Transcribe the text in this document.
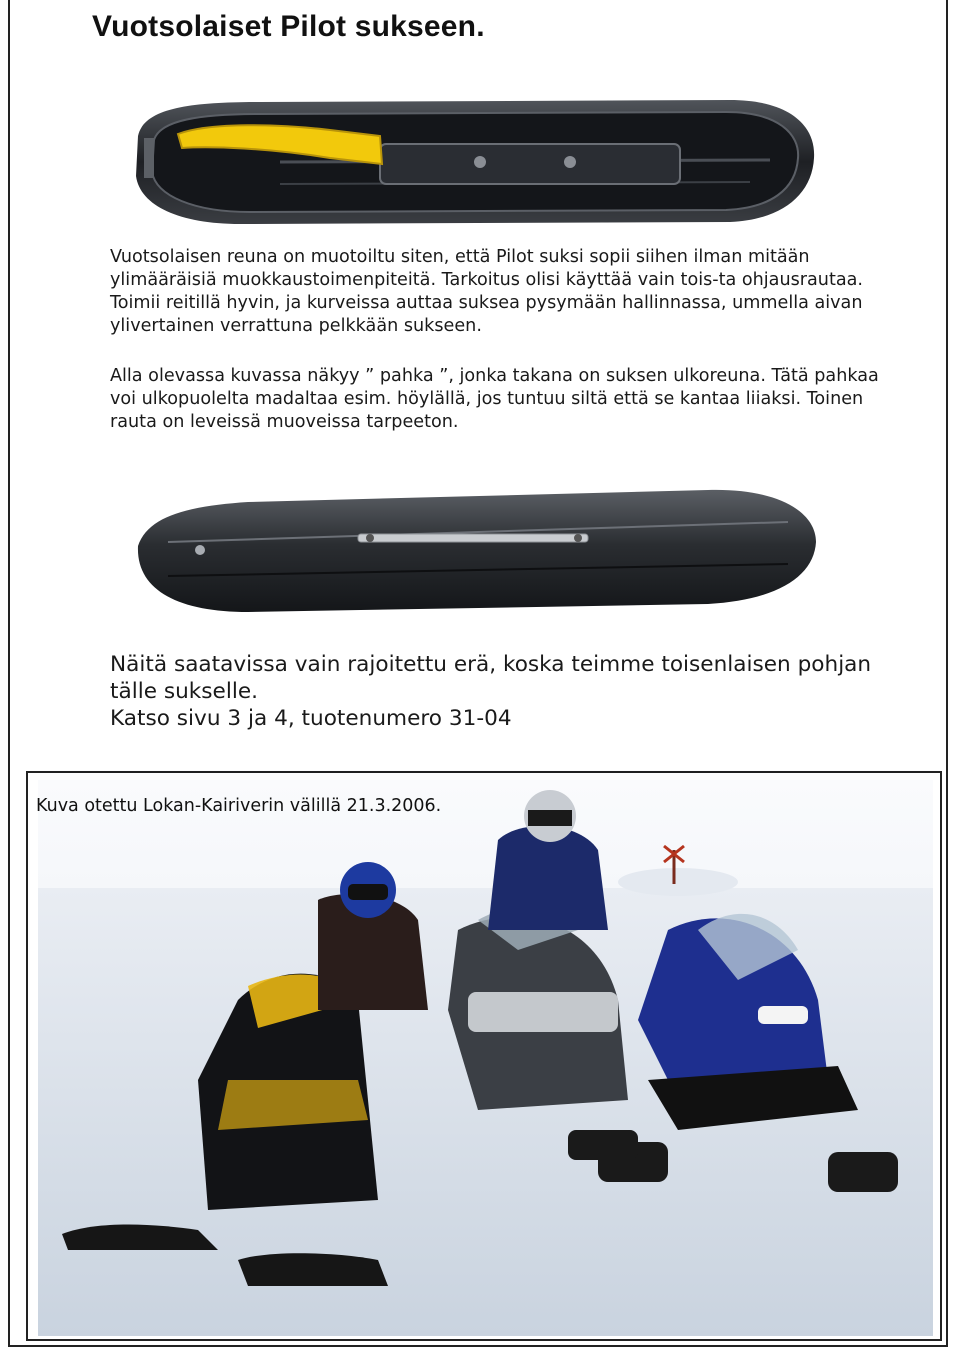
Vuotsolaiset Pilot sukseen.

Vuotsolaisen reuna on muotoiltu siten, että Pilot suksi sopii siihen ilman mitään ylimääräisiä muokkaustoimenpiteitä. Tarkoitus olisi käyttää vain tois-ta ohjausrautaa. Toimii reitillä hyvin, ja kurveissa auttaa suksea pysymään hallinnassa, ummella aivan ylivertainen verrattuna pelkkään sukseen.

Alla olevassa kuvassa näkyy ” pahka ”, jonka takana on suksen ulkoreuna. Tätä pahkaa voi ulkopuolelta madaltaa esim. höylällä, jos tuntuu siltä että se kantaa liiaksi. Toinen rauta on leveissä muoveissa tarpeeton.

Näitä saatavissa vain rajoitettu erä, koska teimme toisenlaisen pohjan tälle sukselle.
Katso sivu 3 ja 4, tuotenumero 31-04

Kuva otettu Lokan-Kairiverin välillä 21.3.2006.
